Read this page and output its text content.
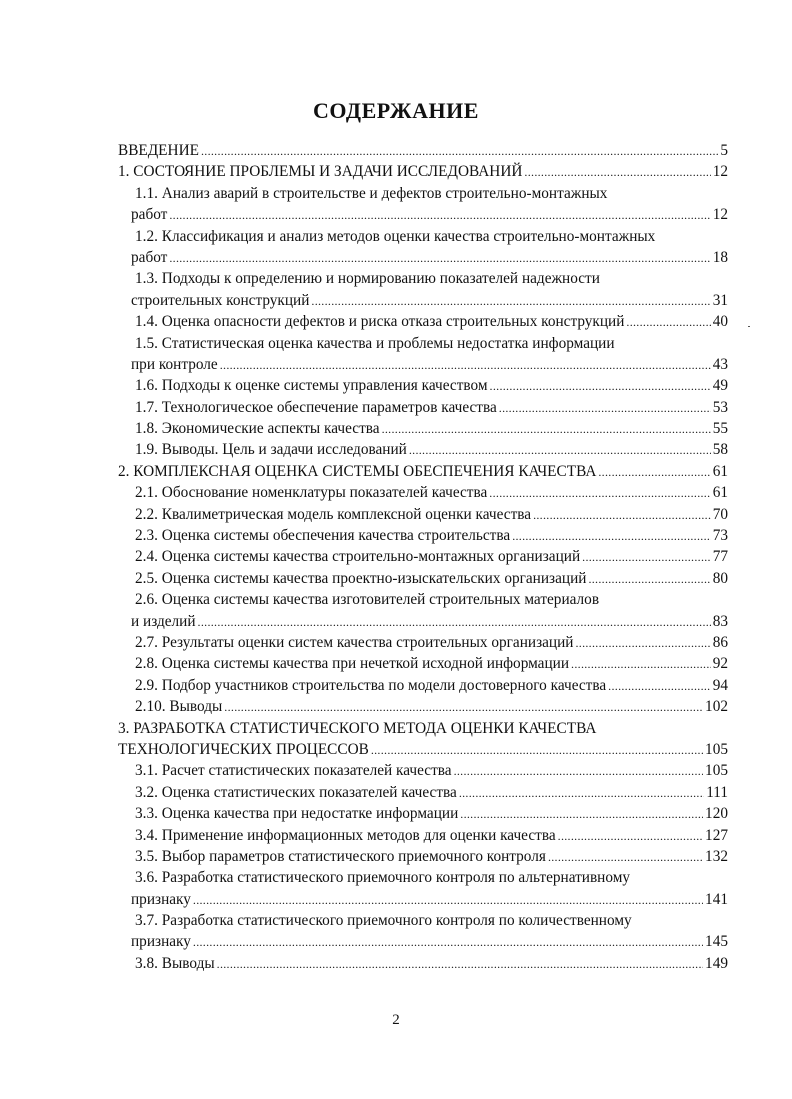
СОДЕРЖАНИЕ
ВВЕДЕНИЕ .....	5
1. СОСТОЯНИЕ ПРОБЛЕМЫ И ЗАДАЧИ ИССЛЕДОВАНИЙ .....	12
1.1. Анализ аварий в строительстве и дефектов строительно-монтажных
работ .....	12
1.2. Классификация и анализ методов оценки качества строительно-монтажных
работ .....	18
1.3. Подходы к определению и нормированию показателей надежности
строительных конструкций .....	31
1.4. Оценка опасности дефектов и риска отказа строительных конструкций .....	40
1.5. Статистическая оценка качества и проблемы недостатка информации
при контроле .....	43
1.6. Подходы к оценке системы управления качеством .....	49
1.7. Технологическое обеспечение параметров качества .....	53
1.8. Экономические аспекты качества .....	55
1.9. Выводы. Цель и задачи исследований .....	58
2. КОМПЛЕКСНАЯ ОЦЕНКА СИСТЕМЫ ОБЕСПЕЧЕНИЯ КАЧЕСТВА .....	61
2.1. Обоснование номенклатуры показателей качества .....	61
2.2. Квалиметрическая модель комплексной оценки качества .....	70
2.3. Оценка системы обеспечения качества строительства .....	73
2.4. Оценка системы качества строительно-монтажных организаций .....	77
2.5. Оценка системы качества проектно-изыскательских организаций .....	80
2.6. Оценка системы качества изготовителей строительных материалов
и изделий .....	83
2.7. Результаты оценки систем качества строительных организаций .....	86
2.8. Оценка системы качества при нечеткой исходной информации .....	92
2.9. Подбор участников строительства по модели достоверного качества .....	94
2.10. Выводы .....	102
3. РАЗРАБОТКА СТАТИСТИЧЕСКОГО МЕТОДА ОЦЕНКИ КАЧЕСТВА
ТЕХНОЛОГИЧЕСКИХ ПРОЦЕССОВ .....	105
3.1. Расчет статистических показателей качества .....	105
3.2. Оценка статистических показателей качества .....	111
3.3. Оценка качества при недостатке информации .....	120
3.4. Применение информационных методов для оценки качества .....	127
3.5. Выбор параметров статистического приемочного контроля .....	132
3.6. Разработка статистического приемочного контроля по альтернативному
признаку .....	141
3.7. Разработка статистического приемочного контроля по количественному
признаку .....	145
3.8. Выводы .....	149
2
